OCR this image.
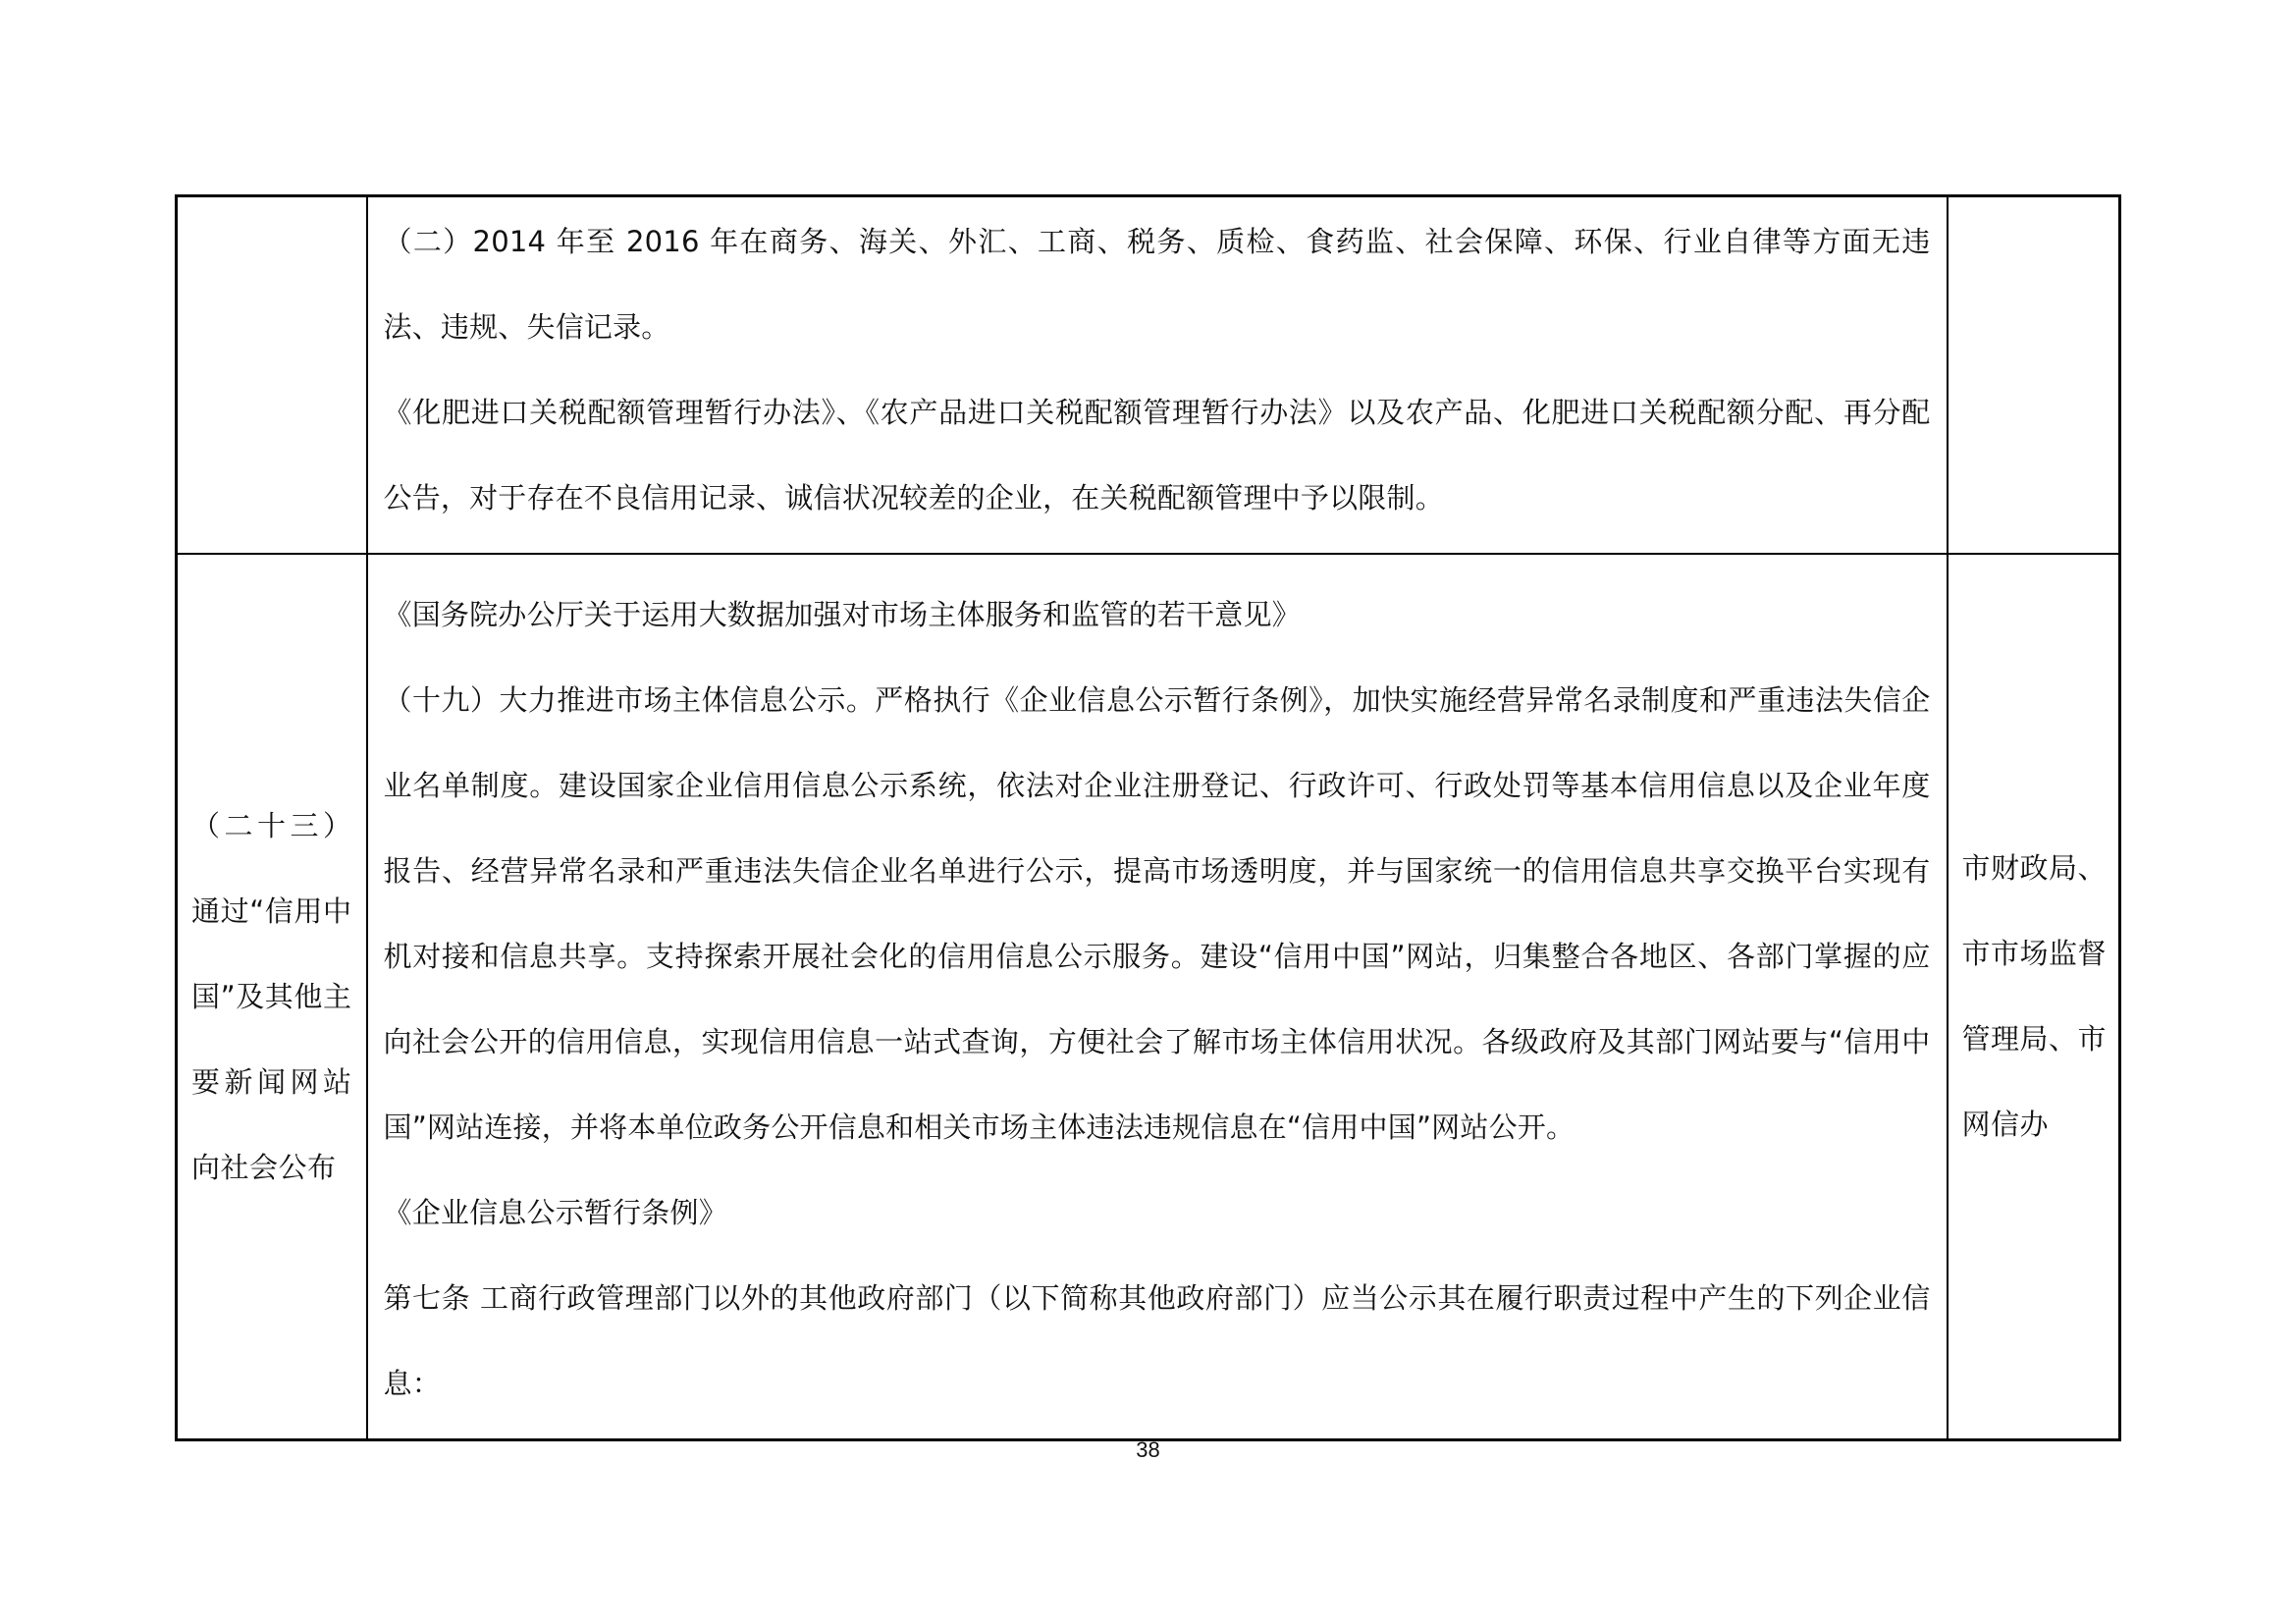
	（二）2014 年至 2016 年在商务、海关、外汇、工商、税务、质检、食药监、社会保障、环保、行业自律等方面无违法、违规、失信记录。

《化肥进口关税配额管理暂行办法》、《农产品进口关税配额管理暂行办法》以及农产品、化肥进口关税配额分配、再分配公告，对于存在不良信用记录、诚信状况较差的企业，在关税配额管理中予以限制。	

（二十三）通过“信用中国”及其他主要新闻网站向社会公布	《国务院办公厅关于运用大数据加强对市场主体服务和监管的若干意见》

（十九）大力推进市场主体信息公示。严格执行《企业信息公示暂行条例》，加快实施经营异常名录制度和严重违法失信企业名单制度。建设国家企业信用信息公示系统，依法对企业注册登记、行政许可、行政处罚等基本信用信息以及企业年度报告、经营异常名录和严重违法失信企业名单进行公示，提高市场透明度，并与国家统一的信用信息共享交换平台实现有机对接和信息共享。支持探索开展社会化的信用信息公示服务。建设“信用中国”网站，归集整合各地区、各部门掌握的应向社会公开的信用信息，实现信用信息一站式查询，方便社会了解市场主体信用状况。各级政府及其部门网站要与“信用中国”网站连接，并将本单位政务公开信息和相关市场主体违法违规信息在“信用中国”网站公开。

《企业信息公示暂行条例》

第七条 工商行政管理部门以外的其他政府部门（以下简称其他政府部门）应当公示其在履行职责过程中产生的下列企业信息：	市财政局、市市场监督管理局、市网信办

38
